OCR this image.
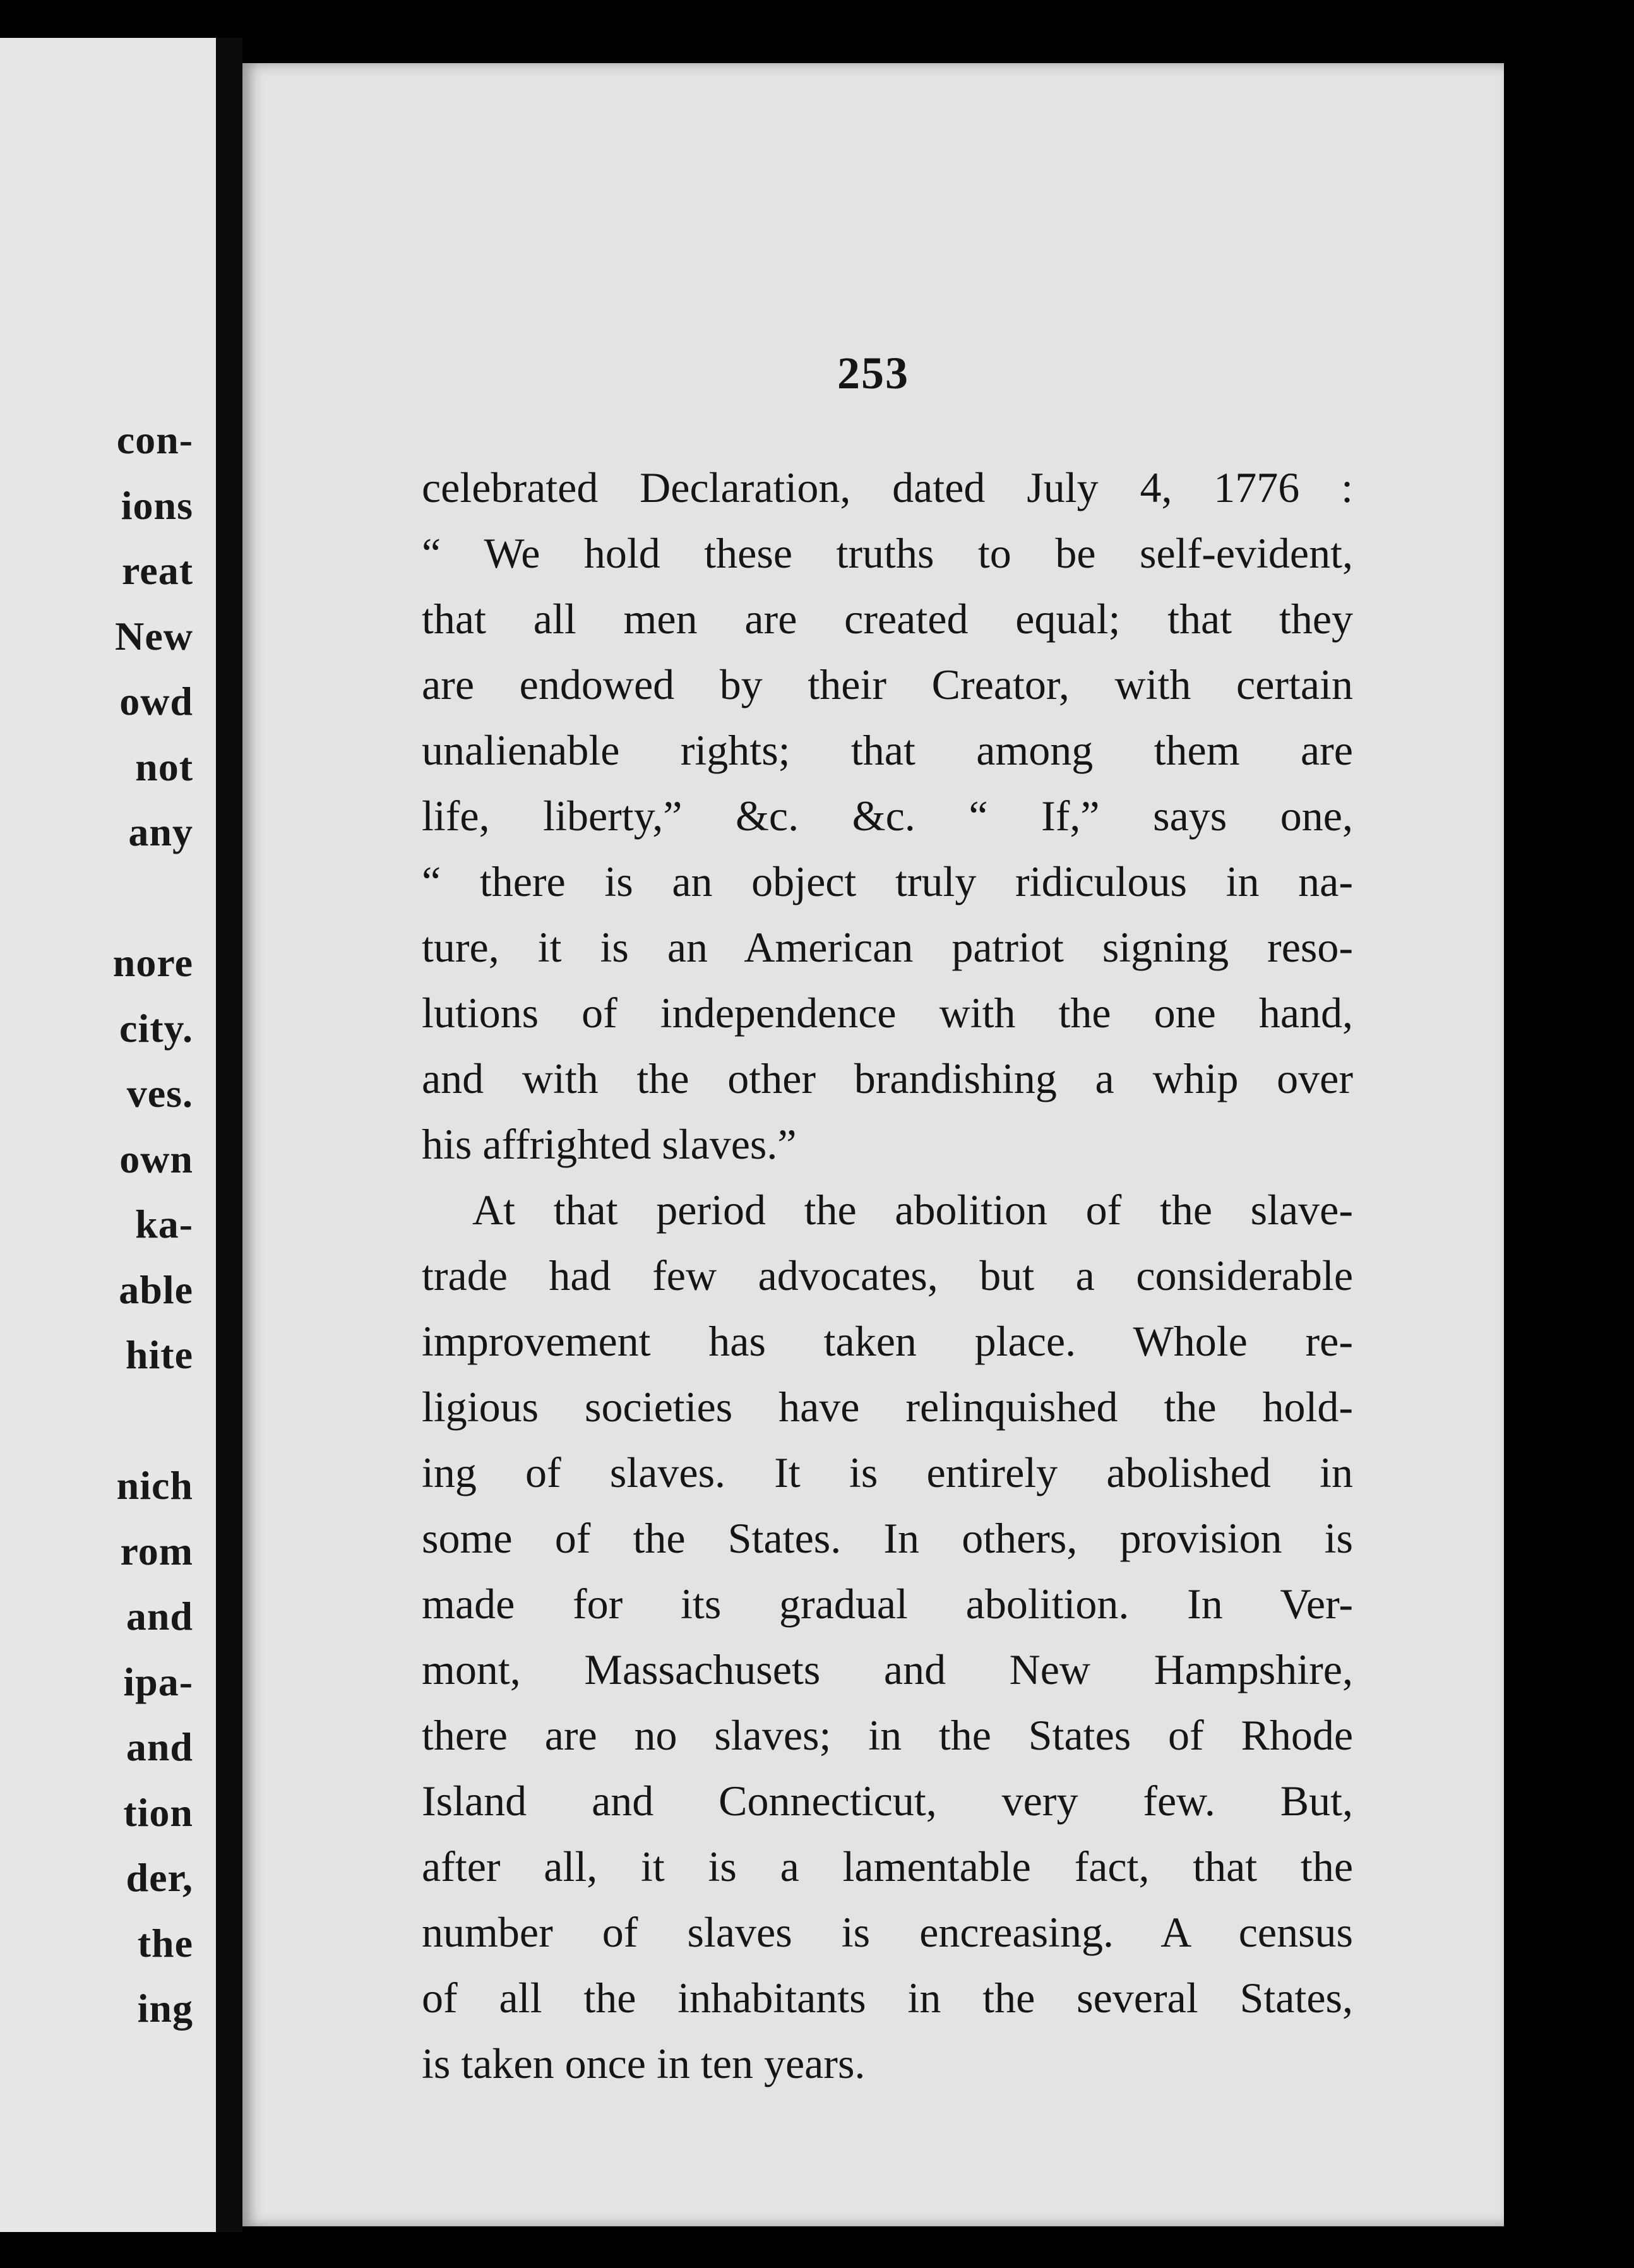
con-
ions
reat
New
owd
not
any
nore
city.
ves.
own
ka-
able
hite
nich
rom
and
ipa-
and
tion
der,
the
ing
253
celebrated Declaration, dated July 4, 1776 :
“ We hold these truths to be self-evident,
that all men are created equal; that they
are endowed by their Creator, with certain
unalienable rights; that among them are
life, liberty,” &c. &c. “ If,” says one,
“ there is an object truly ridiculous in na-
ture, it is an American patriot signing reso-
lutions of independence with the one hand,
and with the other brandishing a whip over
his affrighted slaves.”
At that period the abolition of the slave-
trade had few advocates, but a considerable
improvement has taken place. Whole re-
ligious societies have relinquished the hold-
ing of slaves. It is entirely abolished in
some of the States. In others, provision is
made for its gradual abolition. In Ver-
mont, Massachusets and New Hampshire,
there are no slaves; in the States of Rhode
Island and Connecticut, very few. But,
after all, it is a lamentable fact, that the
number of slaves is encreasing. A census
of all the inhabitants in the several States,
is taken once in ten years.
